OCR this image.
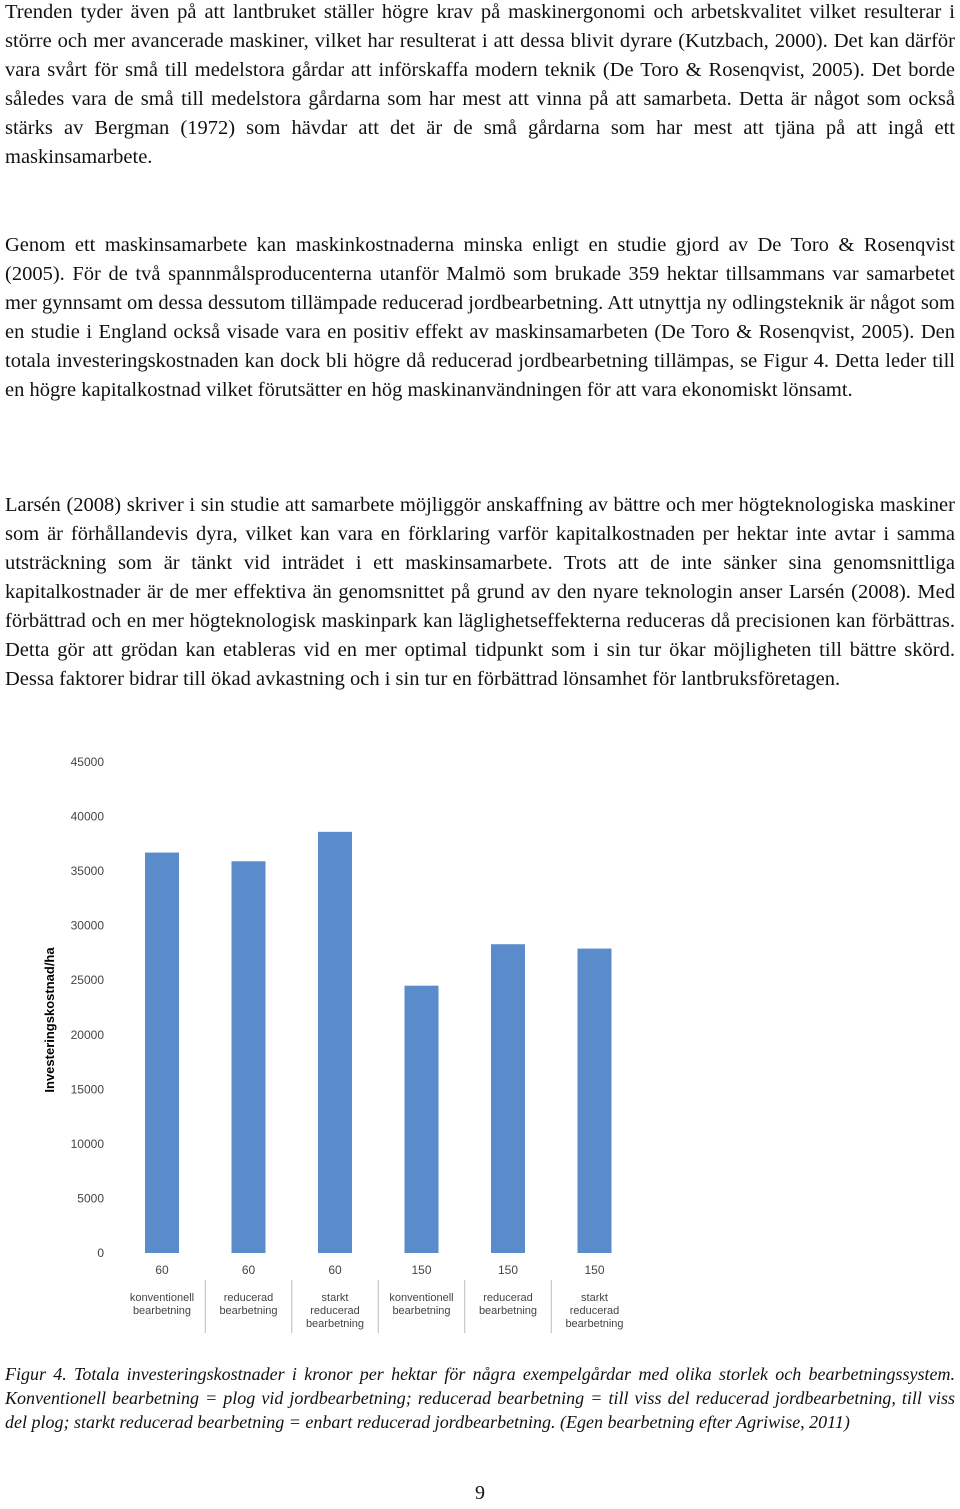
Trenden tyder även på att lantbruket ställer högre krav på maskinergonomi och arbetskvalitet vilket resulterar i större och mer avancerade maskiner, vilket har resulterat i att dessa blivit dyrare (Kutzbach, 2000). Det kan därför vara svårt för små till medelstora gårdar att införskaffa modern teknik (De Toro & Rosenqvist, 2005). Det borde således vara de små till medelstora gårdarna som har mest att vinna på att samarbeta. Detta är något som också stärks av Bergman (1972) som hävdar att det är de små gårdarna som har mest att tjäna på att ingå ett maskinsamarbete.

Genom ett maskinsamarbete kan maskinkostnaderna minska enligt en studie gjord av De Toro & Rosenqvist (2005). För de två spannmålsproducenterna utanför Malmö som brukade 359 hektar tillsammans var samarbetet mer gynnsamt om dessa dessutom tillämpade reducerad jordbearbetning. Att utnyttja ny odlingsteknik är något som en studie i England också visade vara en positiv effekt av maskinsamarbeten (De Toro & Rosenqvist, 2005). Den totala investeringskostnaden kan dock bli högre då reducerad jordbearbetning tillämpas, se Figur 4. Detta leder till en högre kapitalkostnad vilket förutsätter en hög maskinanvändningen för att vara ekonomiskt lönsamt.

Larsén (2008) skriver i sin studie att samarbete möjliggör anskaffning av bättre och mer högteknologiska maskiner som är förhållandevis dyra, vilket kan vara en förklaring varför kapitalkostnaden per hektar inte avtar i samma utsträckning som är tänkt vid inträdet i ett maskinsamarbete. Trots att de inte sänker sina genomsnittliga kapitalkostnader är de mer effektiva än genomsnittet på grund av den nyare teknologin anser Larsén (2008). Med förbättrad och en mer högteknologisk maskinpark kan läglighetseffekterna reduceras då precisionen kan förbättras. Detta gör att grödan kan etableras vid en mer optimal tidpunkt som i sin tur ökar möjligheten till bättre skörd. Dessa faktorer bidrar till ökad avkastning och i sin tur en förbättrad lönsamhet för lantbruksföretagen.

Investeringskostnad/ha
0
5000
10000
15000
20000
25000
30000
35000
40000
45000
60
konventionell
bearbetning
60
reducerad
bearbetning
60
starkt
reducerad
bearbetning
150
konventionell
bearbetning
150
reducerad
bearbetning
150
starkt
reducerad
bearbetning

Figur 4. Totala investeringskostnader i kronor per hektar för några exempelgårdar med olika storlek och bearbetningssystem. Konventionell bearbetning = plog vid jordbearbetning; reducerad bearbetning = till viss del reducerad jordbearbetning, till viss del plog; starkt reducerad bearbetning = enbart reducerad jordbearbetning. (Egen bearbetning efter Agriwise, 2011)

9
